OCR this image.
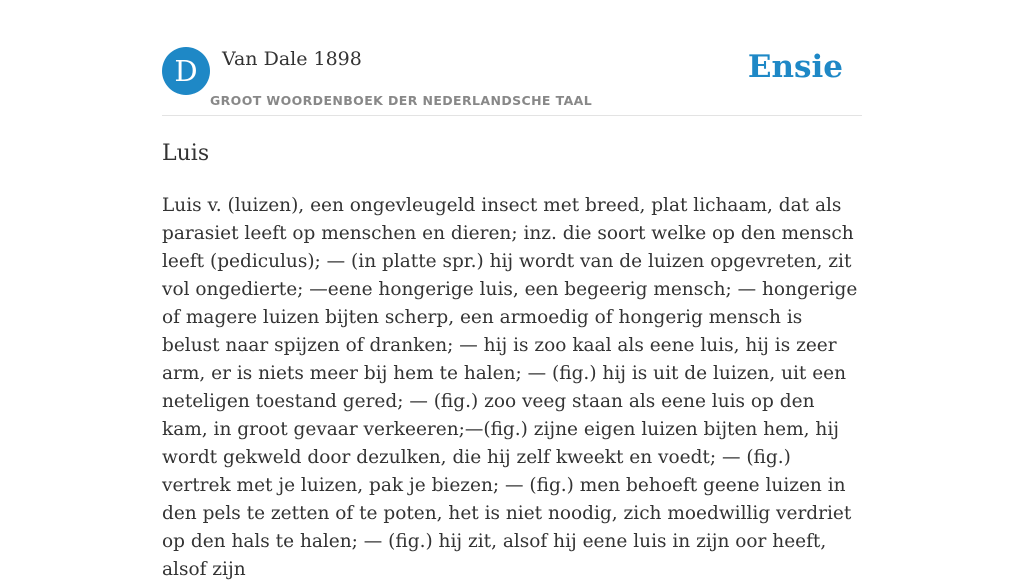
D	Van Dale 1898
GROOT WOORDENBOEK DER NEDERLANDSCHE TAAL
Ensie
Luis

Luis v. (luizen), een ongevleugeld insect met breed, plat lichaam, dat als parasiet leeft op menschen en dieren; inz. die soort welke op den mensch leeft (pediculus); — (in platte spr.) hij wordt van de luizen opgevreten, zit vol ongedierte; —eene hongerige luis, een begeerig mensch; — hongerige of magere luizen bijten scherp, een armoedig of hongerig mensch is belust naar spijzen of dranken; — hij is zoo kaal als eene luis, hij is zeer arm, er is niets meer bij hem te halen; — (fig.) hij is uit de luizen, uit een neteligen toestand gered; — (fig.) zoo veeg staan als eene luis op den kam, in groot gevaar verkeeren;—(fig.) zijne eigen luizen bijten hem, hij wordt gekweld door dezulken, die hij zelf kweekt en voedt; — (fig.) vertrek met je luizen, pak je biezen; — (fig.) men behoeft geene luizen in den pels te zetten of te poten, het is niet noodig, zich moedwillig verdriet op den hals te halen; — (fig.) hij zit, alsof hij eene luis in zijn oor heeft, alsof zijn
